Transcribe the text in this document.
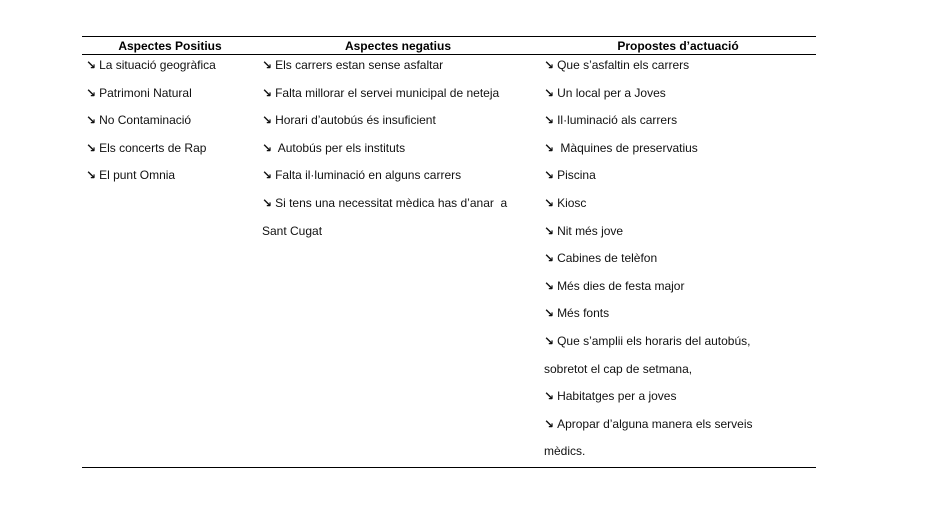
Aspectes Positius	Aspectes negatius	Propostes d’actuació
↘ La situació geogràfica
↘ Patrimoni Natural
↘ No Contaminació
↘ Els concerts de Rap
↘ El punt Omnia
↘ Els carrers estan sense asfaltar
↘ Falta millorar el servei municipal de neteja
↘ Horari d’autobús és insuficient
↘ Autobús per els instituts
↘ Falta il·luminació en alguns carrers
↘ Si tens una necessitat mèdica has d’anar  a
Sant Cugat
↘ Que s’asfaltin els carrers
↘ Un local per a Joves
↘ Il·luminació als carrers
↘ Màquines de preservatius
↘ Piscina
↘ Kiosc
↘ Nit més jove
↘ Cabines de telèfon
↘ Més dies de festa major
↘ Més fonts
↘ Que s’amplii els horaris del autobús,
sobretot el cap de setmana,
↘ Habitatges per a joves
↘ Apropar d’alguna manera els serveis
mèdics.
